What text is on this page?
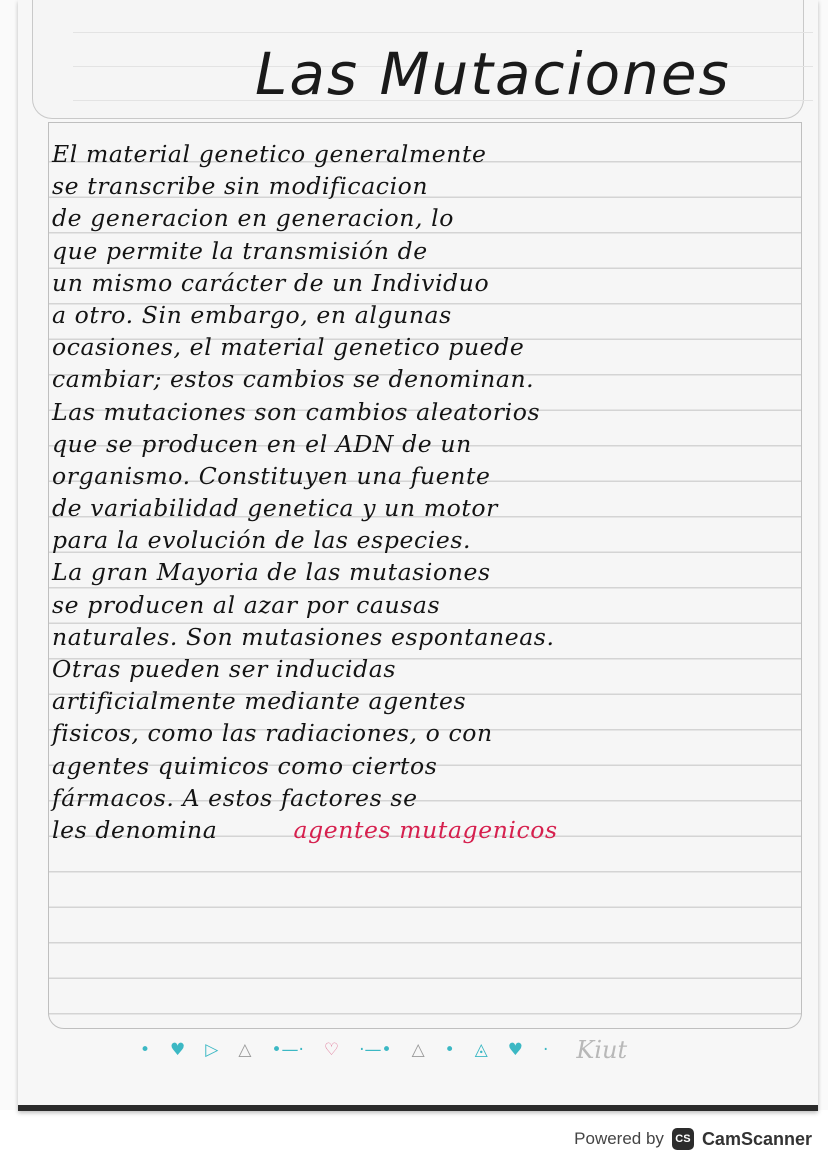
Las Mutaciones
El material genetico generalmente
se transcribe sin modificacion
de generacion en generacion, lo
que permite la transmisión de
un mismo carácter de un Individuo
a otro. Sin embargo, en algunas
ocasiones, el material genetico puede
cambiar; estos cambios se denominan.
Las mutaciones son cambios aleatorios
que se producen en el ADN de un
organismo. Constituyen una fuente
de variabilidad genetica y un motor
para la evolución de las especies.
La gran Mayoria de las mutasiones
se producen al azar por causas
naturales. Son mutasiones espontaneas.
Otras pueden ser inducidas
artificialmente mediante agentes
fisicos, como las radiaciones, o con
agentes quimicos como ciertos
fármacos. A estos factores se
les denomina	agentes mutagenicos
• ♥ ▷ △ •—· ♡ ·—• △ • ◬ ♥ · Kiut
Powered by	CS CamScanner
